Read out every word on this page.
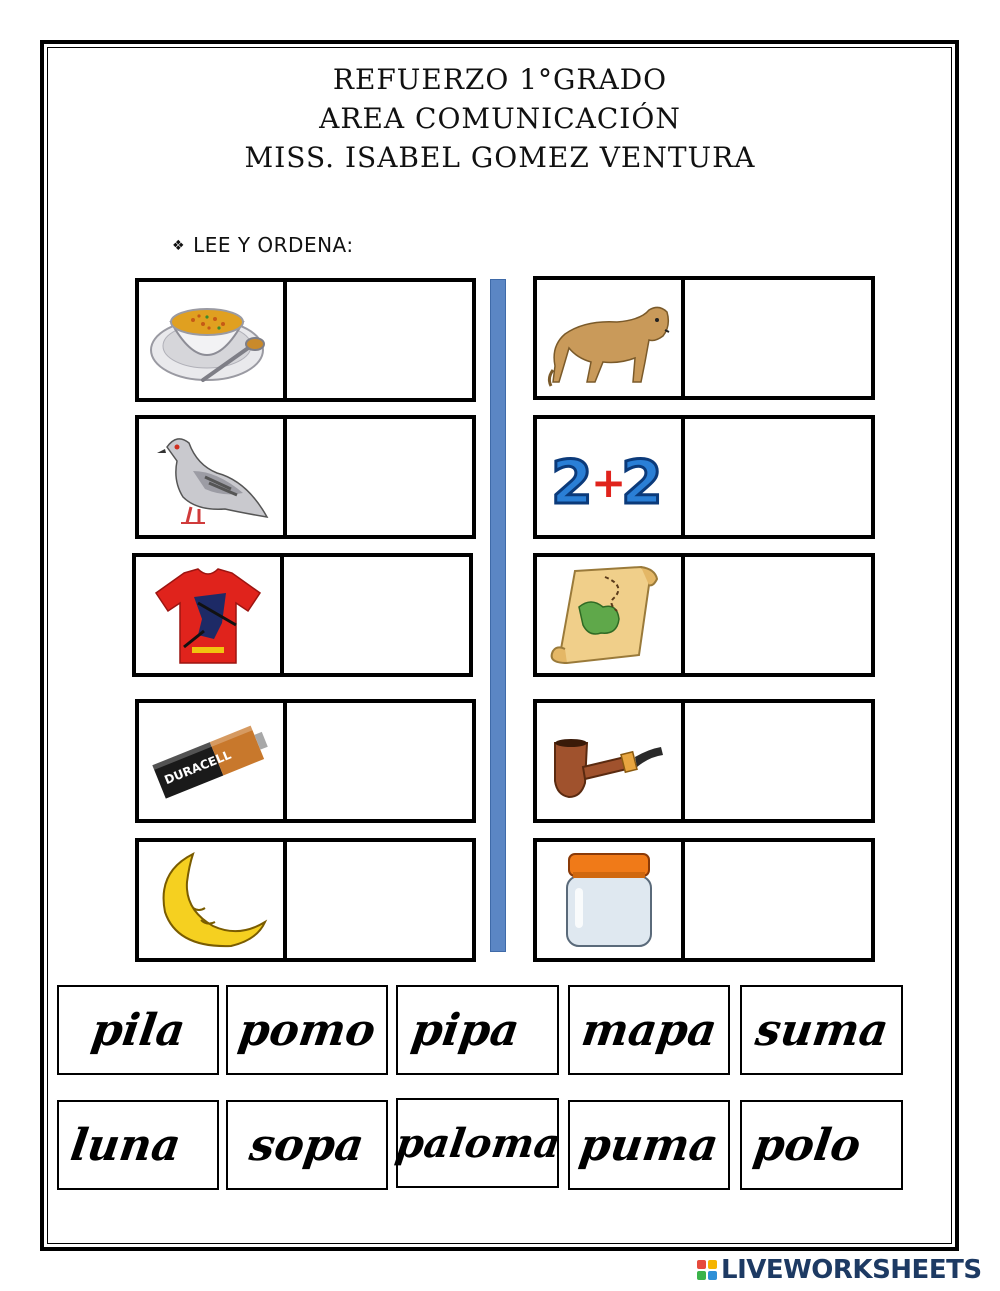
REFUERZO 1°GRADO
AREA COMUNICACIÓN
MISS. ISABEL GOMEZ VENTURA
❖ LEE Y ORDENA:
DURACELL
2
+
2
pila pomo pipa mapa suma
luna sopa paloma puma polo
LIVEWORKSHEETS
